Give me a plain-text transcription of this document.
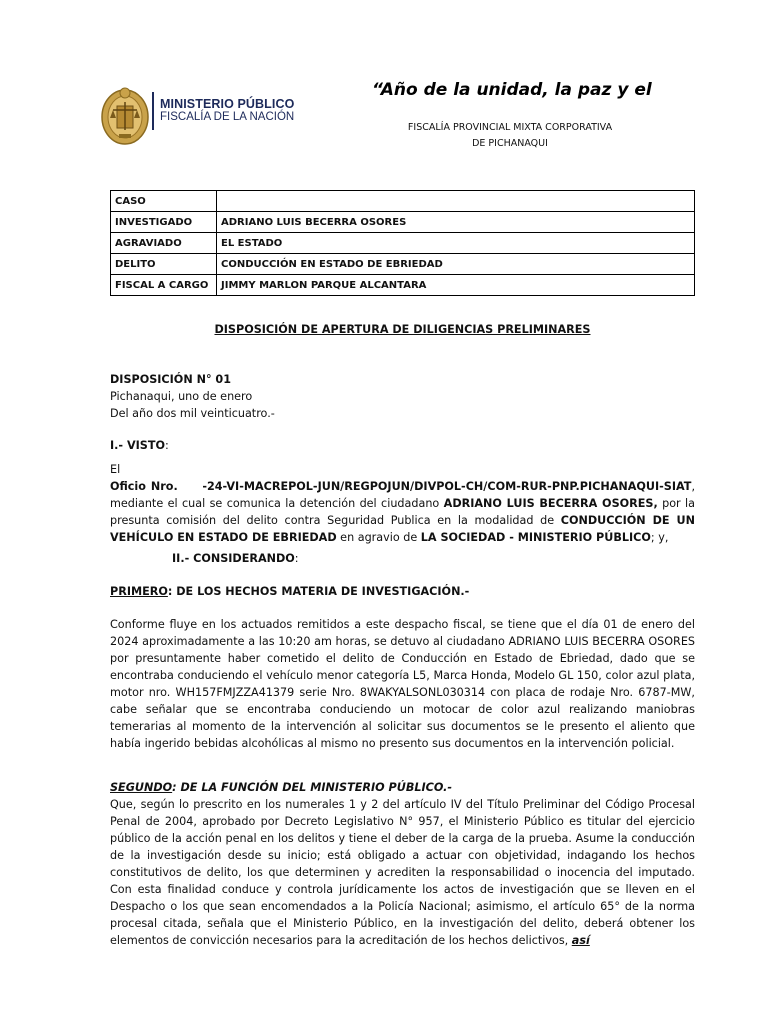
MINISTERIO PÚBLICO
FISCALÍA DE LA NACIÓN
“Año de la unidad, la paz y el
FISCALÍA PROVINCIAL MIXTA CORPORATIVA
DE PICHANAQUI
CASO	
INVESTIGADO	ADRIANO LUIS BECERRA OSORES
AGRAVIADO	EL ESTADO
DELITO	CONDUCCIÓN EN ESTADO DE EBRIEDAD
FISCAL A CARGO	JIMMY MARLON PARQUE ALCANTARA
DISPOSICIÓN DE APERTURA DE DILIGENCIAS PRELIMINARES
DISPOSICIÓN N° 01
Pichanaqui, uno de enero
Del año dos mil veinticuatro.-
I.- VISTO:
El Oficio Nro.     -24-VI-MACREPOL-JUN/REGPOJUN/DIVPOL-CH/COM-RUR-PNP.PICHANAQUI-SIAT, mediante el cual se comunica la detención del ciudadano ADRIANO LUIS BECERRA OSORES, por la presunta comisión del delito contra Seguridad Publica en la modalidad de CONDUCCIÓN DE UN VEHÍCULO EN ESTADO DE EBRIEDAD en agravio de LA SOCIEDAD - MINISTERIO PÚBLICO; y,
II.- CONSIDERANDO:
PRIMERO: DE LOS HECHOS MATERIA DE INVESTIGACIÓN.-
Conforme fluye en los actuados remitidos a este despacho fiscal, se tiene que el día 01 de enero del 2024 aproximadamente a las 10:20 am horas, se detuvo al ciudadano ADRIANO LUIS BECERRA OSORES por presuntamente haber cometido el delito de Conducción en Estado de Ebriedad, dado que se encontraba conduciendo el vehículo menor categoría L5, Marca Honda, Modelo GL 150, color azul plata, motor nro. WH157FMJZZA41379 serie Nro. 8WAKYALSONL030314 con placa de rodaje Nro. 6787-MW, cabe señalar que se encontraba conduciendo un motocar de color azul realizando maniobras temerarias al momento de la intervención al solicitar sus documentos se le presento el aliento que había ingerido bebidas alcohólicas al mismo no presento sus documentos en la intervención policial.
SEGUNDO: DE LA FUNCIÓN DEL MINISTERIO PÚBLICO.-
Que, según lo prescrito en los numerales 1 y 2 del artículo IV del Título Preliminar del Código Procesal Penal de 2004, aprobado por Decreto Legislativo N° 957, el Ministerio Público es titular del ejercicio público de la acción penal en los delitos y tiene el deber de la carga de la prueba. Asume la conducción de la investigación desde su inicio; está obligado a actuar con objetividad, indagando los hechos constitutivos de delito, los que determinen y acrediten la responsabilidad o inocencia del imputado. Con esta finalidad conduce y controla jurídicamente los actos de investigación que se lleven en el Despacho o los que sean encomendados a la Policía Nacional; asimismo, el artículo 65° de la norma procesal citada, señala que el Ministerio Público, en la investigación del delito, deberá obtener los elementos de convicción necesarios para la acreditación de los hechos delictivos, así
